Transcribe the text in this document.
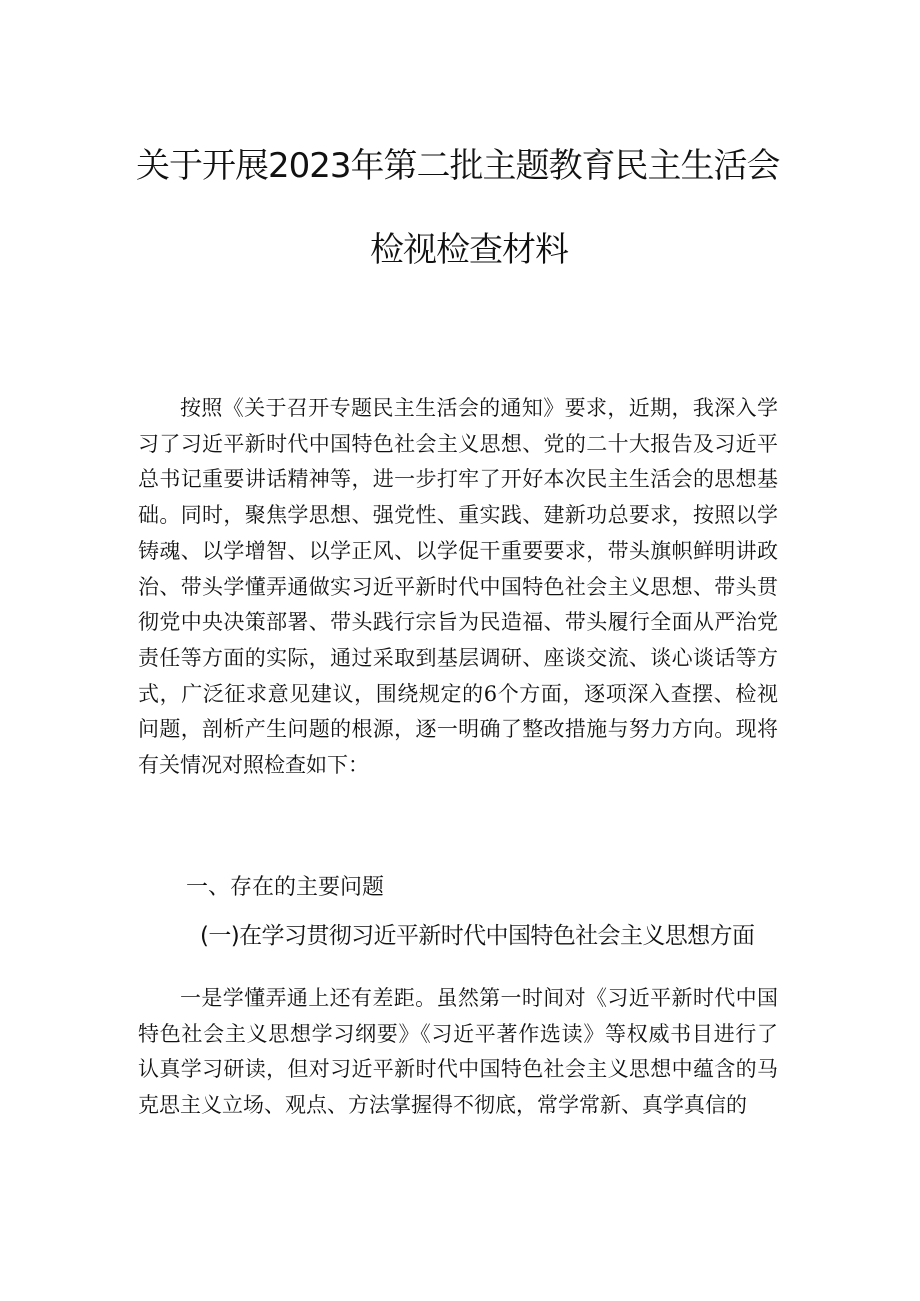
关于开展2023年第二批主题教育民主生活会
检视检查材料

按照《关于召开专题民主生活会的通知》要求，近期，我深入学习了习近平新时代中国特色社会主义思想、党的二十大报告及习近平总书记重要讲话精神等，进一步打牢了开好本次民主生活会的思想基础。同时，聚焦学思想、强党性、重实践、建新功总要求，按照以学铸魂、以学增智、以学正风、以学促干重要要求，带头旗帜鲜明讲政治、带头学懂弄通做实习近平新时代中国特色社会主义思想、带头贯彻党中央决策部署、带头践行宗旨为民造福、带头履行全面从严治党责任等方面的实际，通过采取到基层调研、座谈交流、谈心谈话等方式，广泛征求意见建议，围绕规定的6个方面，逐项深入查摆、检视问题，剖析产生问题的根源，逐一明确了整改措施与努力方向。现将有关情况对照检查如下：

一、存在的主要问题
(一)在学习贯彻习近平新时代中国特色社会主义思想方面

一是学懂弄通上还有差距。虽然第一时间对《习近平新时代中国特色社会主义思想学习纲要》《习近平著作选读》等权威书目进行了认真学习研读，但对习近平新时代中国特色社会主义思想中蕴含的马克思主义立场、观点、方法掌握得不彻底，常学常新、真学真信的
